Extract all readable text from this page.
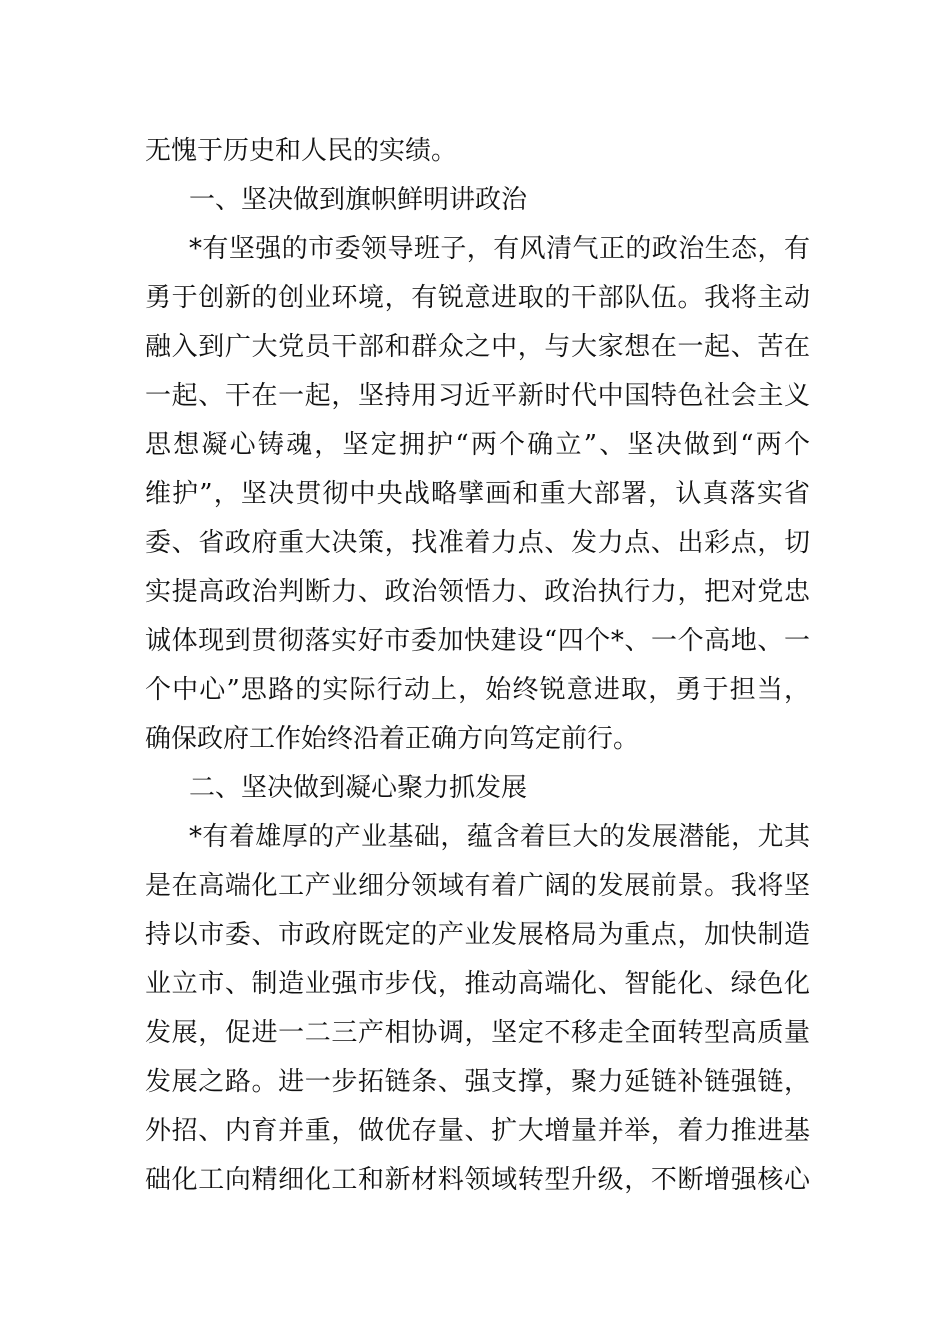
无愧于历史和人民的实绩。
一、坚决做到旗帜鲜明讲政治
*有坚强的市委领导班子，有风清气正的政治生态，有
勇于创新的创业环境，有锐意进取的干部队伍。我将主动
融入到广大党员干部和群众之中，与大家想在一起、苦在
一起、干在一起，坚持用习近平新时代中国特色社会主义
思想凝心铸魂，坚定拥护“两个确立”、坚决做到“两个
维护”，坚决贯彻中央战略擘画和重大部署，认真落实省
委、省政府重大决策，找准着力点、发力点、出彩点，切
实提高政治判断力、政治领悟力、政治执行力，把对党忠
诚体现到贯彻落实好市委加快建设“四个*、一个高地、一
个中心”思路的实际行动上，始终锐意进取，勇于担当，
确保政府工作始终沿着正确方向笃定前行。
二、坚决做到凝心聚力抓发展
*有着雄厚的产业基础，蕴含着巨大的发展潜能，尤其
是在高端化工产业细分领域有着广阔的发展前景。我将坚
持以市委、市政府既定的产业发展格局为重点，加快制造
业立市、制造业强市步伐，推动高端化、智能化、绿色化
发展，促进一二三产相协调，坚定不移走全面转型高质量
发展之路。进一步拓链条、强支撑，聚力延链补链强链，
外招、内育并重，做优存量、扩大增量并举，着力推进基
础化工向精细化工和新材料领域转型升级，不断增强核心
